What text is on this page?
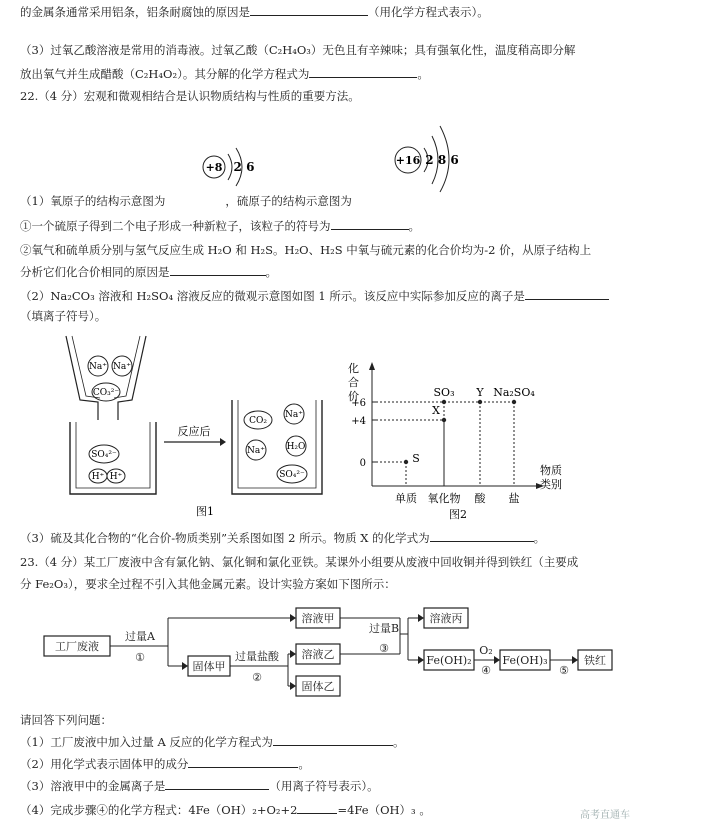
的金属条通常采用铝条，铝条耐腐蚀的原因是	（用化学方程式表示）。
（3）过氧乙酸溶液是常用的消毒液。过氧乙酸（C₂H₄O₃）无色且有辛辣味；具有强氧化性，温度稍高即分解
放出氧气并生成醋酸（C₂H₄O₂）。其分解的化学方程式为	。
22.（4 分）宏观和微观相结合是认识物质结构与性质的重要方法。
+8 2 6	+16 2 8 6
（1）氧原子的结构示意图为	，硫原子的结构示意图为
①一个硫原子得到二个电子形成一种新粒子，该粒子的符号为	。
②氧气和硫单质分别与氢气反应生成 H₂O 和 H₂S。H₂O、H₂S 中氧与硫元素的化合价均为-2 价，从原子结构上
分析它们化合价相同的原因是	。
（2）Na₂CO₃ 溶液和 H₂SO₄ 溶液反应的微观示意图如图 1 所示。该反应中实际参加反应的离子是
（填离子符号）。
Na⁺ Na⁺
CO₃²⁻
SO₄²⁻
H⁺ H⁺
反应后
CO₂
Na⁺
Na⁺ H₂O
SO₄²⁻
图1
化
合
价
物质
类别
0
+4
+6
单质 氧化物 酸 盐
S
X
SO₃ Y Na₂SO₄
图2
（3）硫及其化合物的“化合价-物质类别”关系图如图 2 所示。物质 X 的化学式为	。
23.（4 分）某工厂废液中含有氯化钠、氯化铜和氯化亚铁。某课外小组要从废液中回收铜并得到铁红（主要成
分 Fe₂O₃），要求全过程不引入其他金属元素。设计实验方案如下图所示：
工厂废液
过量A
①
固体甲
过量盐酸
②
溶液甲
溶液乙
固体乙
过量B
③
溶液丙
Fe(OH)₂
O₂
④
Fe(OH)₃
⑤
铁红
请回答下列问题：
（1）工厂废液中加入过量 A 反应的化学方程式为	。
（2）用化学式表示固体甲的成分	。
（3）溶液甲中的金属离子是	（用离子符号表示）。
（4）完成步骤④的化学方程式：4Fe（OH）₂+O₂+2	=4Fe（OH）₃ 。	高考直通车
